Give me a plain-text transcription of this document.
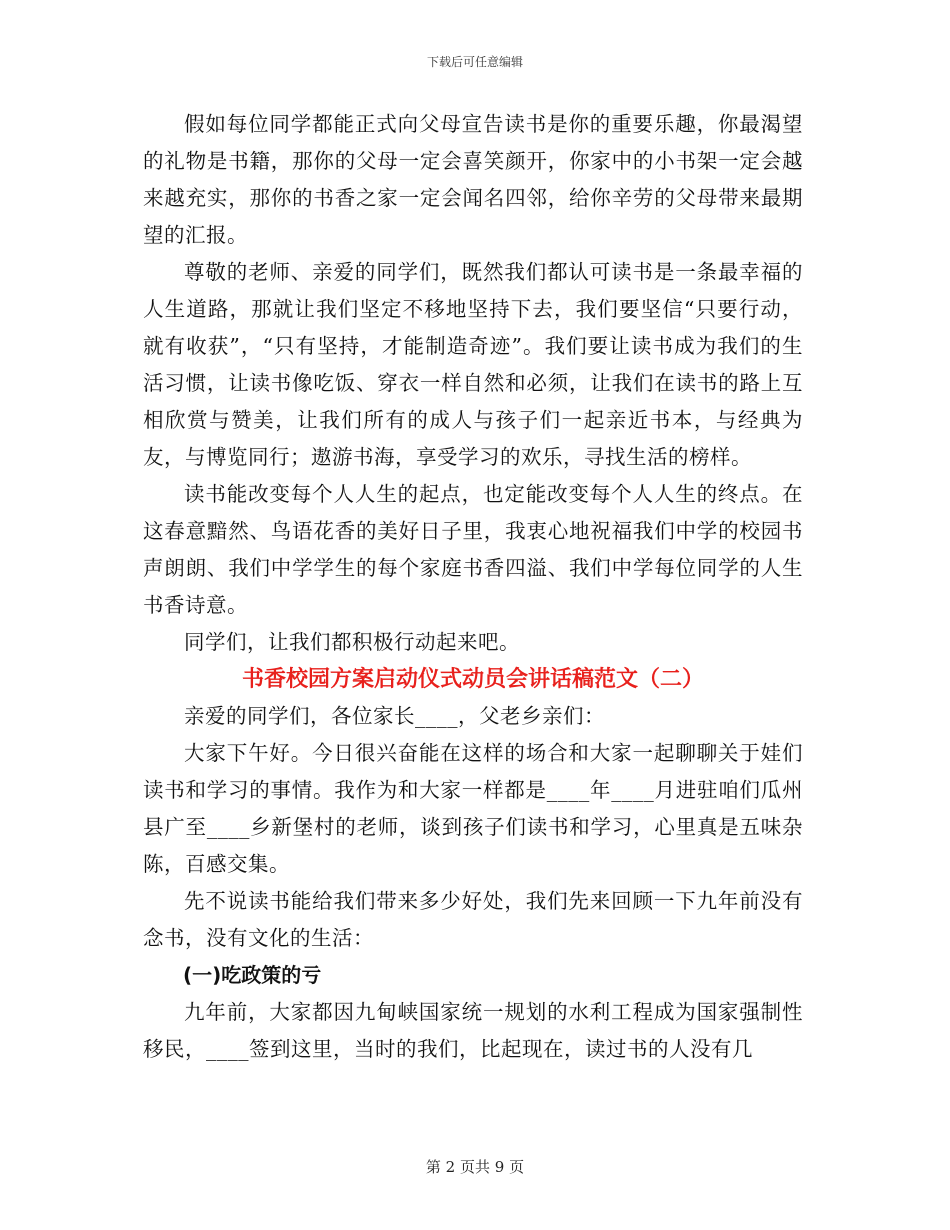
下载后可任意编辑

假如每位同学都能正式向父母宣告读书是你的重要乐趣，你最渴望的礼物是书籍，那你的父母一定会喜笑颜开，你家中的小书架一定会越来越充实，那你的书香之家一定会闻名四邻，给你辛劳的父母带来最期望的汇报。

尊敬的老师、亲爱的同学们，既然我们都认可读书是一条最幸福的人生道路，那就让我们坚定不移地坚持下去，我们要坚信“只要行动，就有收获”，“只有坚持，才能制造奇迹”。我们要让读书成为我们的生活习惯，让读书像吃饭、穿衣一样自然和必须，让我们在读书的路上互相欣赏与赞美，让我们所有的成人与孩子们一起亲近书本，与经典为友，与博览同行；遨游书海，享受学习的欢乐，寻找生活的榜样。

读书能改变每个人人生的起点，也定能改变每个人人生的终点。在这春意黯然、鸟语花香的美好日子里，我衷心地祝福我们中学的校园书声朗朗、我们中学学生的每个家庭书香四溢、我们中学每位同学的人生书香诗意。

同学们，让我们都积极行动起来吧。

书香校园方案启动仪式动员会讲话稿范文（二）

亲爱的同学们，各位家长____，父老乡亲们：

大家下午好。今日很兴奋能在这样的场合和大家一起聊聊关于娃们读书和学习的事情。我作为和大家一样都是____年____月进驻咱们瓜州县广至____乡新堡村的老师，谈到孩子们读书和学习，心里真是五味杂陈，百感交集。

先不说读书能给我们带来多少好处，我们先来回顾一下九年前没有念书，没有文化的生活：

(一)吃政策的亏

九年前，大家都因九甸峡国家统一规划的水利工程成为国家强制性移民，____签到这里，当时的我们，比起现在，读过书的人没有几

第 2 页共 9 页
